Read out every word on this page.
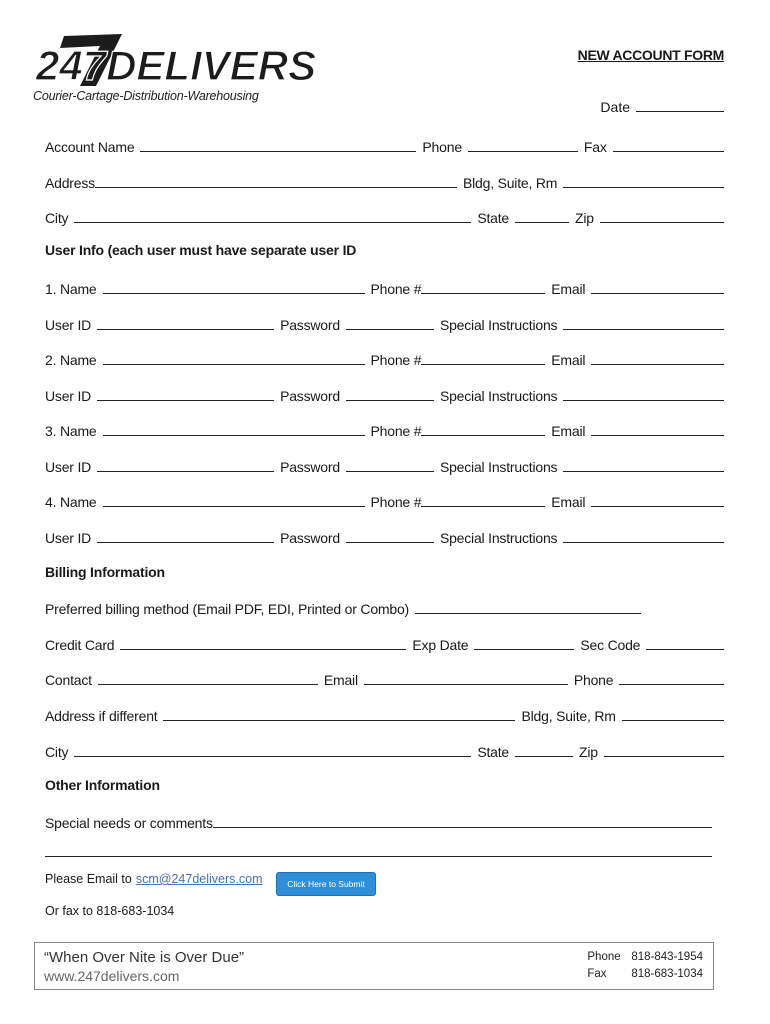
247DELIVERS
Courier-Cartage-Distribution-Warehousing
NEW ACCOUNT FORM
Date
Account Name	Phone	Fax
Address	Bldg, Suite, Rm
City	State	Zip
User Info (each user must have separate user ID
1. Name	Phone #	Email
User ID	Password	Special Instructions
2. Name	Phone #	Email
User ID	Password	Special Instructions
3. Name	Phone #	Email
User ID	Password	Special Instructions
4. Name	Phone #	Email
User ID	Password	Special Instructions
Billing Information
Preferred billing method (Email PDF, EDI, Printed or Combo)
Credit Card	Exp Date	Sec Code
Contact	Email	Phone
Address if different	Bldg, Suite, Rm
City	State	Zip
Other Information
Special needs or comments
Please Email to scm@247delivers.com	Click Here to Submit
Or fax to 818-683-1034
“When Over Nite is Over Due”
www.247delivers.com
Phone 818-843-1954
Fax	818-683-1034
